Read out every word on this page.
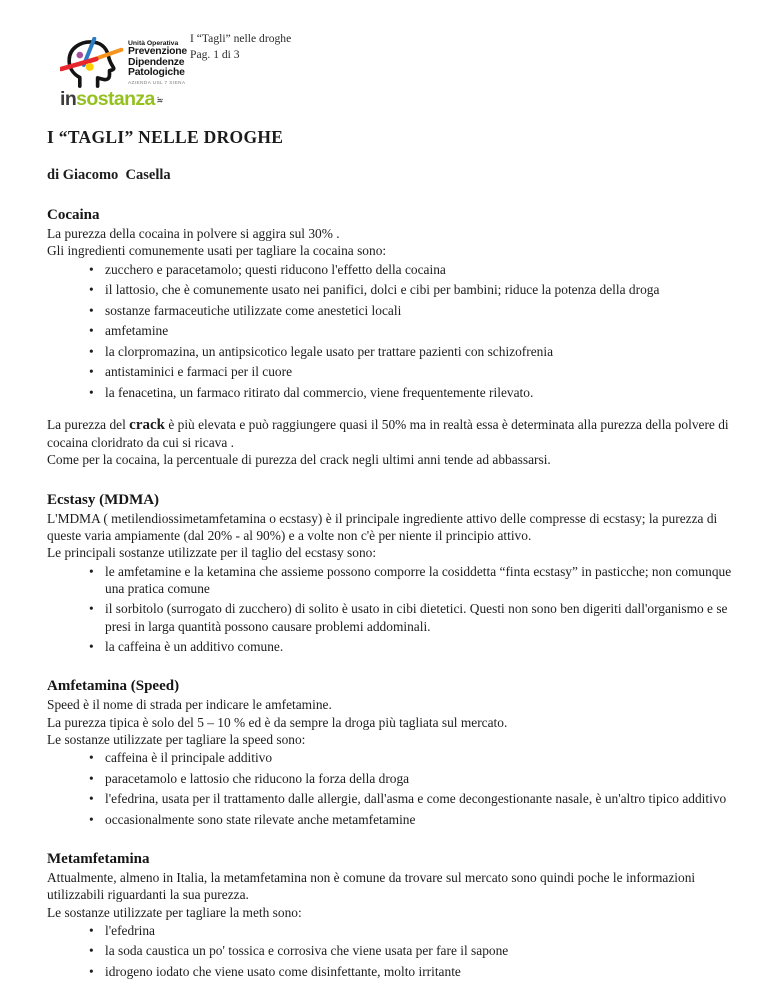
Unità Operativa
Prevenzione
Dipendenze
Patologiche
AZIENDA USL 7 SIENA
insostanza.it
I “Tagli” nelle droghe
Pag. 1 di 3
I “TAGLI” NELLE DROGHE
di Giacomo  Casella
Cocaina
La purezza della cocaina in polvere si aggira sul 30% .
Gli ingredienti comunemente usati per tagliare la cocaina sono:
• zucchero e paracetamolo; questi riducono l'effetto della cocaina
• il lattosio, che è comunemente usato nei panifici, dolci e cibi per bambini; riduce la potenza della droga
• sostanze farmaceutiche utilizzate come anestetici locali
• amfetamine
• la clorpromazina, un antipsicotico legale usato per trattare pazienti con schizofrenia
• antistaminici e farmaci per il cuore
• la fenacetina, un farmaco ritirato dal commercio, viene frequentemente rilevato.
La purezza del crack è più elevata e può raggiungere quasi il 50% ma in realtà essa è determinata alla purezza della polvere di cocaina cloridrato da cui si ricava .
Come per la cocaina, la percentuale di purezza del crack negli ultimi anni tende ad abbassarsi.
Ecstasy (MDMA)
L'MDMA ( metilendiossimetamfetamina o ecstasy) è il principale ingrediente attivo delle compresse di ecstasy; la purezza di queste varia ampiamente (dal 20% - al 90%) e a volte non c'è per niente il principio attivo.
Le principali sostanze utilizzate per il taglio del ecstasy sono:
• le amfetamine e la ketamina che assieme possono comporre la cosiddetta “finta ecstasy” in pasticche; non comunque una pratica comune
• il sorbitolo (surrogato di zucchero) di solito è usato in cibi dietetici. Questi non sono ben digeriti dall'organismo e se presi in larga quantità possono causare problemi addominali.
• la caffeina è un additivo comune.
Amfetamina (Speed)
Speed è il nome di strada per indicare le amfetamine.
La purezza tipica è solo del 5 – 10 % ed è da sempre la droga più tagliata sul mercato.
Le sostanze utilizzate per tagliare la speed sono:
• caffeina è il principale additivo
• paracetamolo e lattosio che riducono la forza della droga
• l'efedrina, usata per il trattamento dalle allergie, dall'asma e come decongestionante nasale, è un'altro tipico additivo
• occasionalmente sono state rilevate anche metamfetamine
Metamfetamina
Attualmente, almeno in Italia, la metamfetamina non è comune da trovare sul mercato sono quindi poche le informazioni utilizzabili riguardanti la sua purezza.
Le sostanze utilizzate per tagliare la meth sono:
• l'efedrina
• la soda caustica un po' tossica e corrosiva che viene usata per fare il sapone
• idrogeno iodato che viene usato come disinfettante, molto irritante
